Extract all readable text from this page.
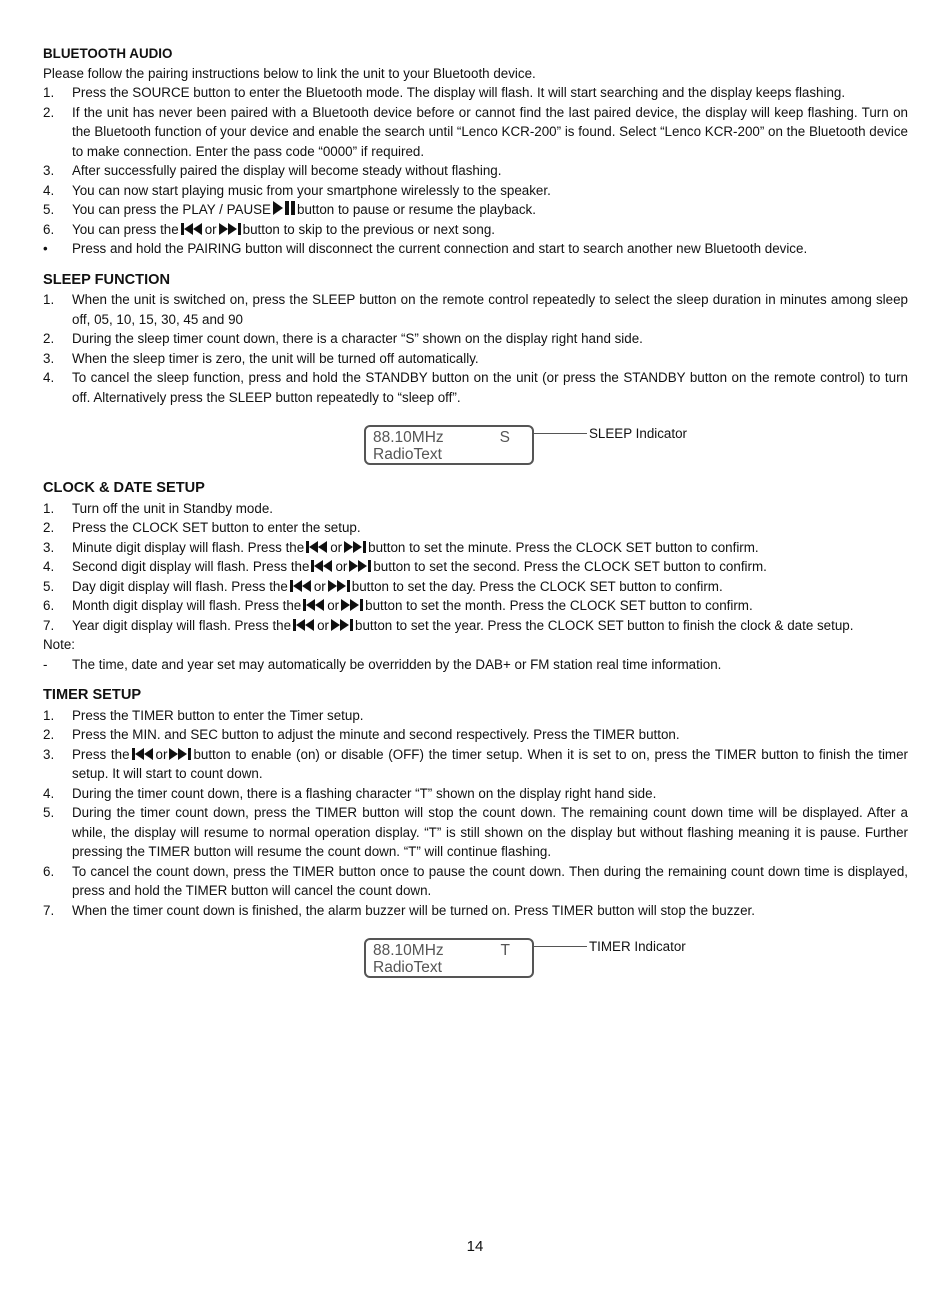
BLUETOOTH AUDIO
Please follow the pairing instructions below to link the unit to your Bluetooth device.
1.	Press the SOURCE button to enter the Bluetooth mode. The display will flash. It will start searching and the display keeps flashing.
2.	If the unit has never been paired with a Bluetooth device before or cannot find the last paired device, the display will keep flashing. Turn on the Bluetooth function of your device and enable the search until “Lenco KCR-200” is found. Select “Lenco KCR-200” on the Bluetooth device to make connection. Enter the pass code “0000” if required.
3.	After successfully paired the display will become steady without flashing.
4.	You can now start playing music from your smartphone wirelessly to the speaker.
5.	You can press the PLAY / PAUSE button to pause or resume the playback.
6.	You can press the or button to skip to the previous or next song.
•	Press and hold the PAIRING button will disconnect the current connection and start to search another new Bluetooth device.
SLEEP FUNCTION
1.	When the unit is switched on, press the SLEEP button on the remote control repeatedly to select the sleep duration in minutes among sleep off, 05, 10, 15, 30, 45 and 90
2.	During the sleep timer count down, there is a character “S” shown on the display right hand side.
3.	When the sleep timer is zero, the unit will be turned off automatically.
4.	To cancel the sleep function, press and hold the STANDBY button on the unit (or press the STANDBY button on the remote control) to turn off. Alternatively press the SLEEP button repeatedly to “sleep off”.
88.10MHz
RadioText
S	SLEEP Indicator
CLOCK & DATE SETUP
1.	Turn off the unit in Standby mode.
2.	Press the CLOCK SET button to enter the setup.
3.	Minute digit display will flash. Press the or button to set the minute. Press the CLOCK SET button to confirm.
4.	Second digit display will flash. Press the or button to set the second. Press the CLOCK SET button to confirm.
5.	Day digit display will flash. Press the or button to set the day. Press the CLOCK SET button to confirm.
6.	Month digit display will flash. Press the or button to set the month. Press the CLOCK SET button to confirm.
7.	Year digit display will flash. Press the or button to set the year. Press the CLOCK SET button to finish the clock & date setup.
Note:
-	The time, date and year set may automatically be overridden by the DAB+ or FM station real time information.
TIMER SETUP
1.	Press the TIMER button to enter the Timer setup.
2.	Press the MIN. and SEC button to adjust the minute and second respectively. Press the TIMER button.
3.	Press the or button to enable (on) or disable (OFF) the timer setup. When it is set to on, press the TIMER button to finish the timer setup. It will start to count down.
4.	During the timer count down, there is a flashing character “T” shown on the display right hand side.
5.	During the timer count down, press the TIMER button will stop the count down. The remaining count down time will be displayed. After a while, the display will resume to normal operation display. “T” is still shown on the display but without flashing meaning it is pause. Further pressing the TIMER button will resume the count down. “T” will continue flashing.
6.	To cancel the count down, press the TIMER button once to pause the count down. Then during the remaining count down time is displayed, press and hold the TIMER button will cancel the count down.
7.	When the timer count down is finished, the alarm buzzer will be turned on. Press TIMER button will stop the buzzer.
88.10MHz
RadioText
T	TIMER Indicator
14
